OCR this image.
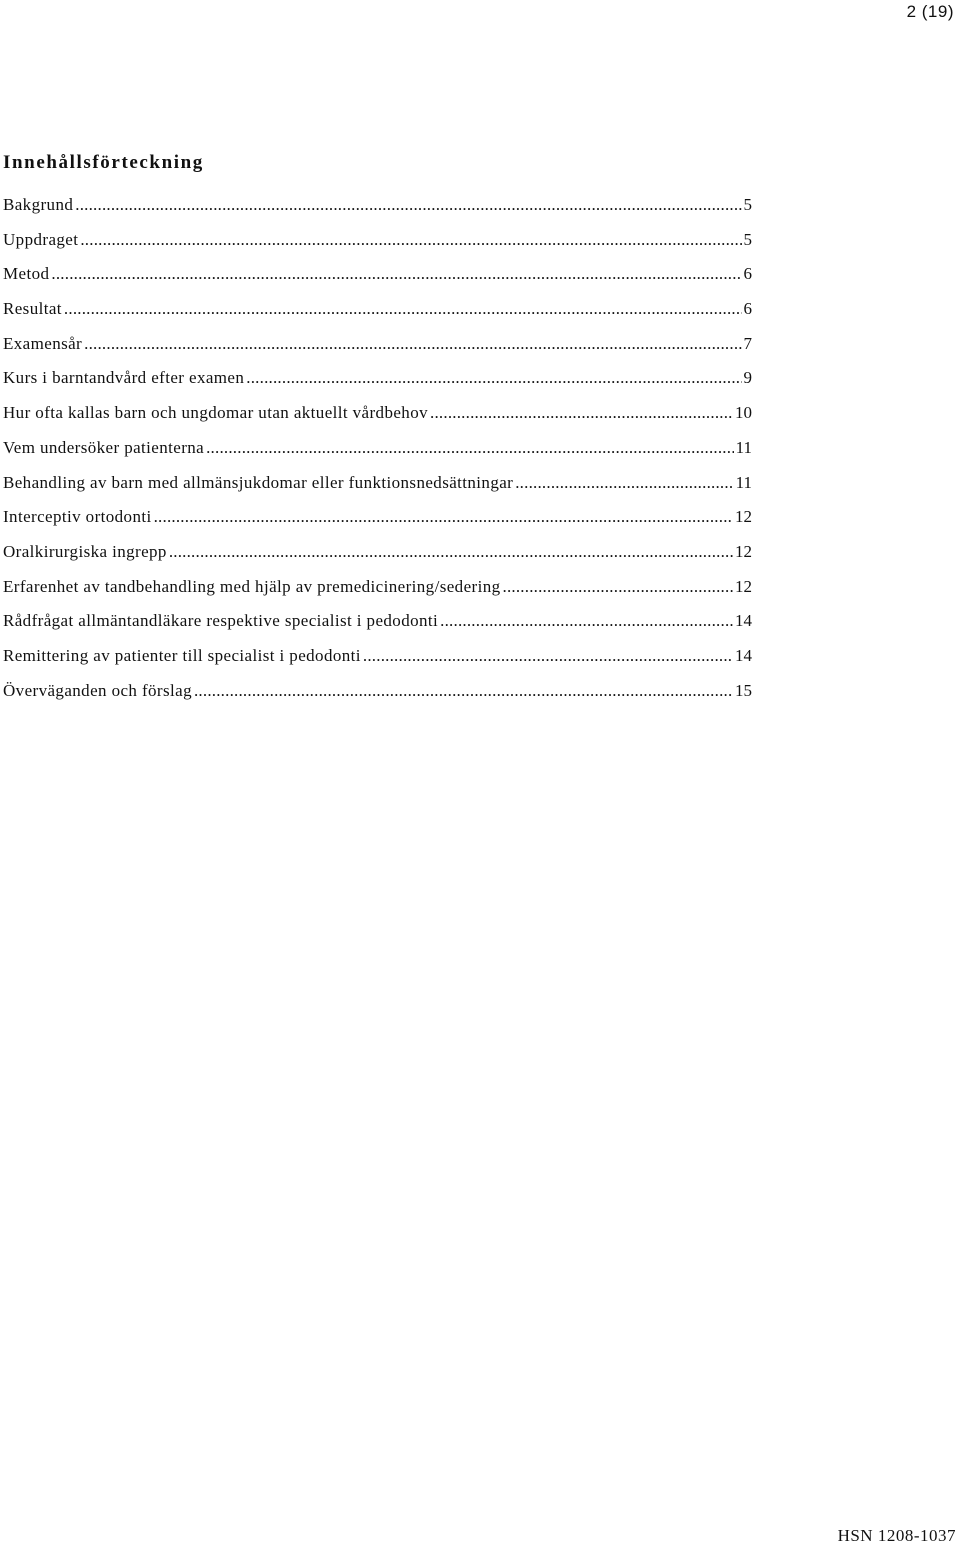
2 (19)
Innehållsförteckning
Bakgrund .....	5
Uppdraget .....	5
Metod .....	6
Resultat .....	6
Examensår .....	7
Kurs i barntandvård efter examen .....	9
Hur ofta kallas barn och ungdomar utan aktuellt vårdbehov .....	10
Vem undersöker patienterna .....	11
Behandling av barn med allmänsjukdomar eller funktionsnedsättningar .....	11
Interceptiv ortodonti .....	12
Oralkirurgiska ingrepp .....	12
Erfarenhet av tandbehandling med hjälp av premedicinering/sedering .....	12
Rådfrågat allmäntandläkare respektive specialist i pedodonti .....	14
Remittering av patienter till specialist i pedodonti .....	14
Överväganden och förslag .....	15
HSN 1208-1037
